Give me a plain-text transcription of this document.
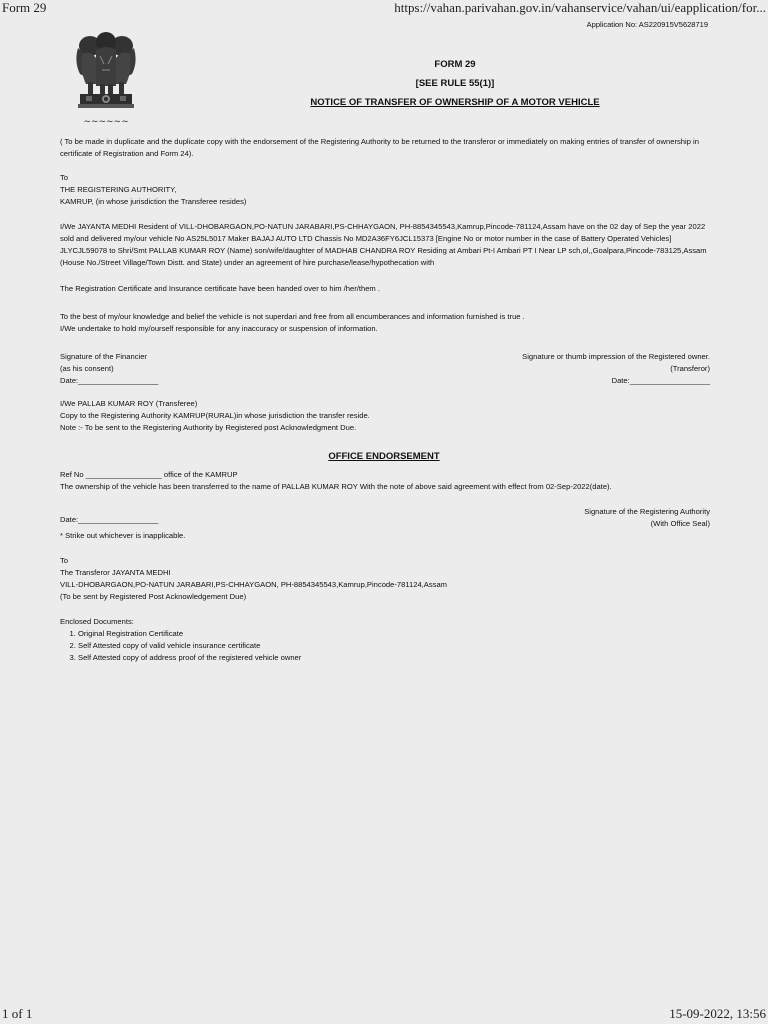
Form 29	https://vahan.parivahan.gov.in/vahanservice/vahan/ui/eapplication/for...
Application No: AS220915V5628719
~~~~~~
FORM 29
[SEE RULE 55(1)]
NOTICE OF TRANSFER OF OWNERSHIP OF A MOTOR VEHICLE

( To be made in duplicate and the duplicate copy with the endorsement of the Registering Authority to be returned to the transferor or immediately on making entries of transfer of ownership in certificate of Registration and Form 24).

To

THE REGISTERING AUTHORITY,

KAMRUP, (in whose jurisdiction the Transferee resides)

I/We JAYANTA MEDHI Resident of VILL-DHOBARGAON,PO-NATUN JARABARI,PS-CHHAYGAON, PH-8854345543,Kamrup,Pincode-781124,Assam have on the 02 day of Sep the year 2022 sold and delivered my/our vehicle No AS25L5017 Maker BAJAJ AUTO LTD Chassis No MD2A36FY6JCL15373 [Engine No or motor number in the case of Battery Operated Vehicles] JLYCJL59078 to Shri/Smt PALLAB KUMAR ROY (Name) son/wife/daughter of MADHAB CHANDRA ROY Residing at Ambari Pt-I Ambari PT I Near LP sch,ol,,Goalpara,Pincode-783125,Assam (House No./Street Village/Town Distt. and State) under an agreement of hire purchase/lease/hypothecation with

The Registration Certificate and Insurance certificate have been handed over to him /her/them .

To the best of my/our knowledge and belief the vehicle is not superdari and free from all encumberances and information furnished is true .

I/We undertake to hold my/ourself responsible for any inaccuracy or suspension of information.

Signature of the Financier

(as his consent)

Date:___________________

Signature or thumb impression of the Registered owner.

(Transferor)

Date:___________________

I/We PALLAB KUMAR ROY (Transferee)

Copy to the Registering Authority KAMRUP(RURAL)in whose jurisdiction the transfer reside.

Note :- To be sent to the Registering Authority by Registered post Acknowledgment Due.

OFFICE ENDORSEMENT

Ref No __________________ office of the KAMRUP

The ownership of the vehicle has been transferred to the name of PALLAB KUMAR ROY With the note of above said agreement with effect from 02-Sep-2022(date).

Date:___________________

Signature of the Registering Authority

(With Office Seal)

* Strike out whichever is inapplicable.

To

The Transferor JAYANTA MEDHI

VILL-DHOBARGAON,PO-NATUN JARABARI,PS-CHHAYGAON, PH-8854345543,Kamrup,Pincode-781124,Assam

(To be sent by Registered Post Acknowledgement Due)

Enclosed Documents:

1. Original Registration Certificate
2. Self Attested copy of valid vehicle insurance certificate
3. Self Attested copy of address proof of the registered vehicle owner
1 of 1	15-09-2022, 13:56
